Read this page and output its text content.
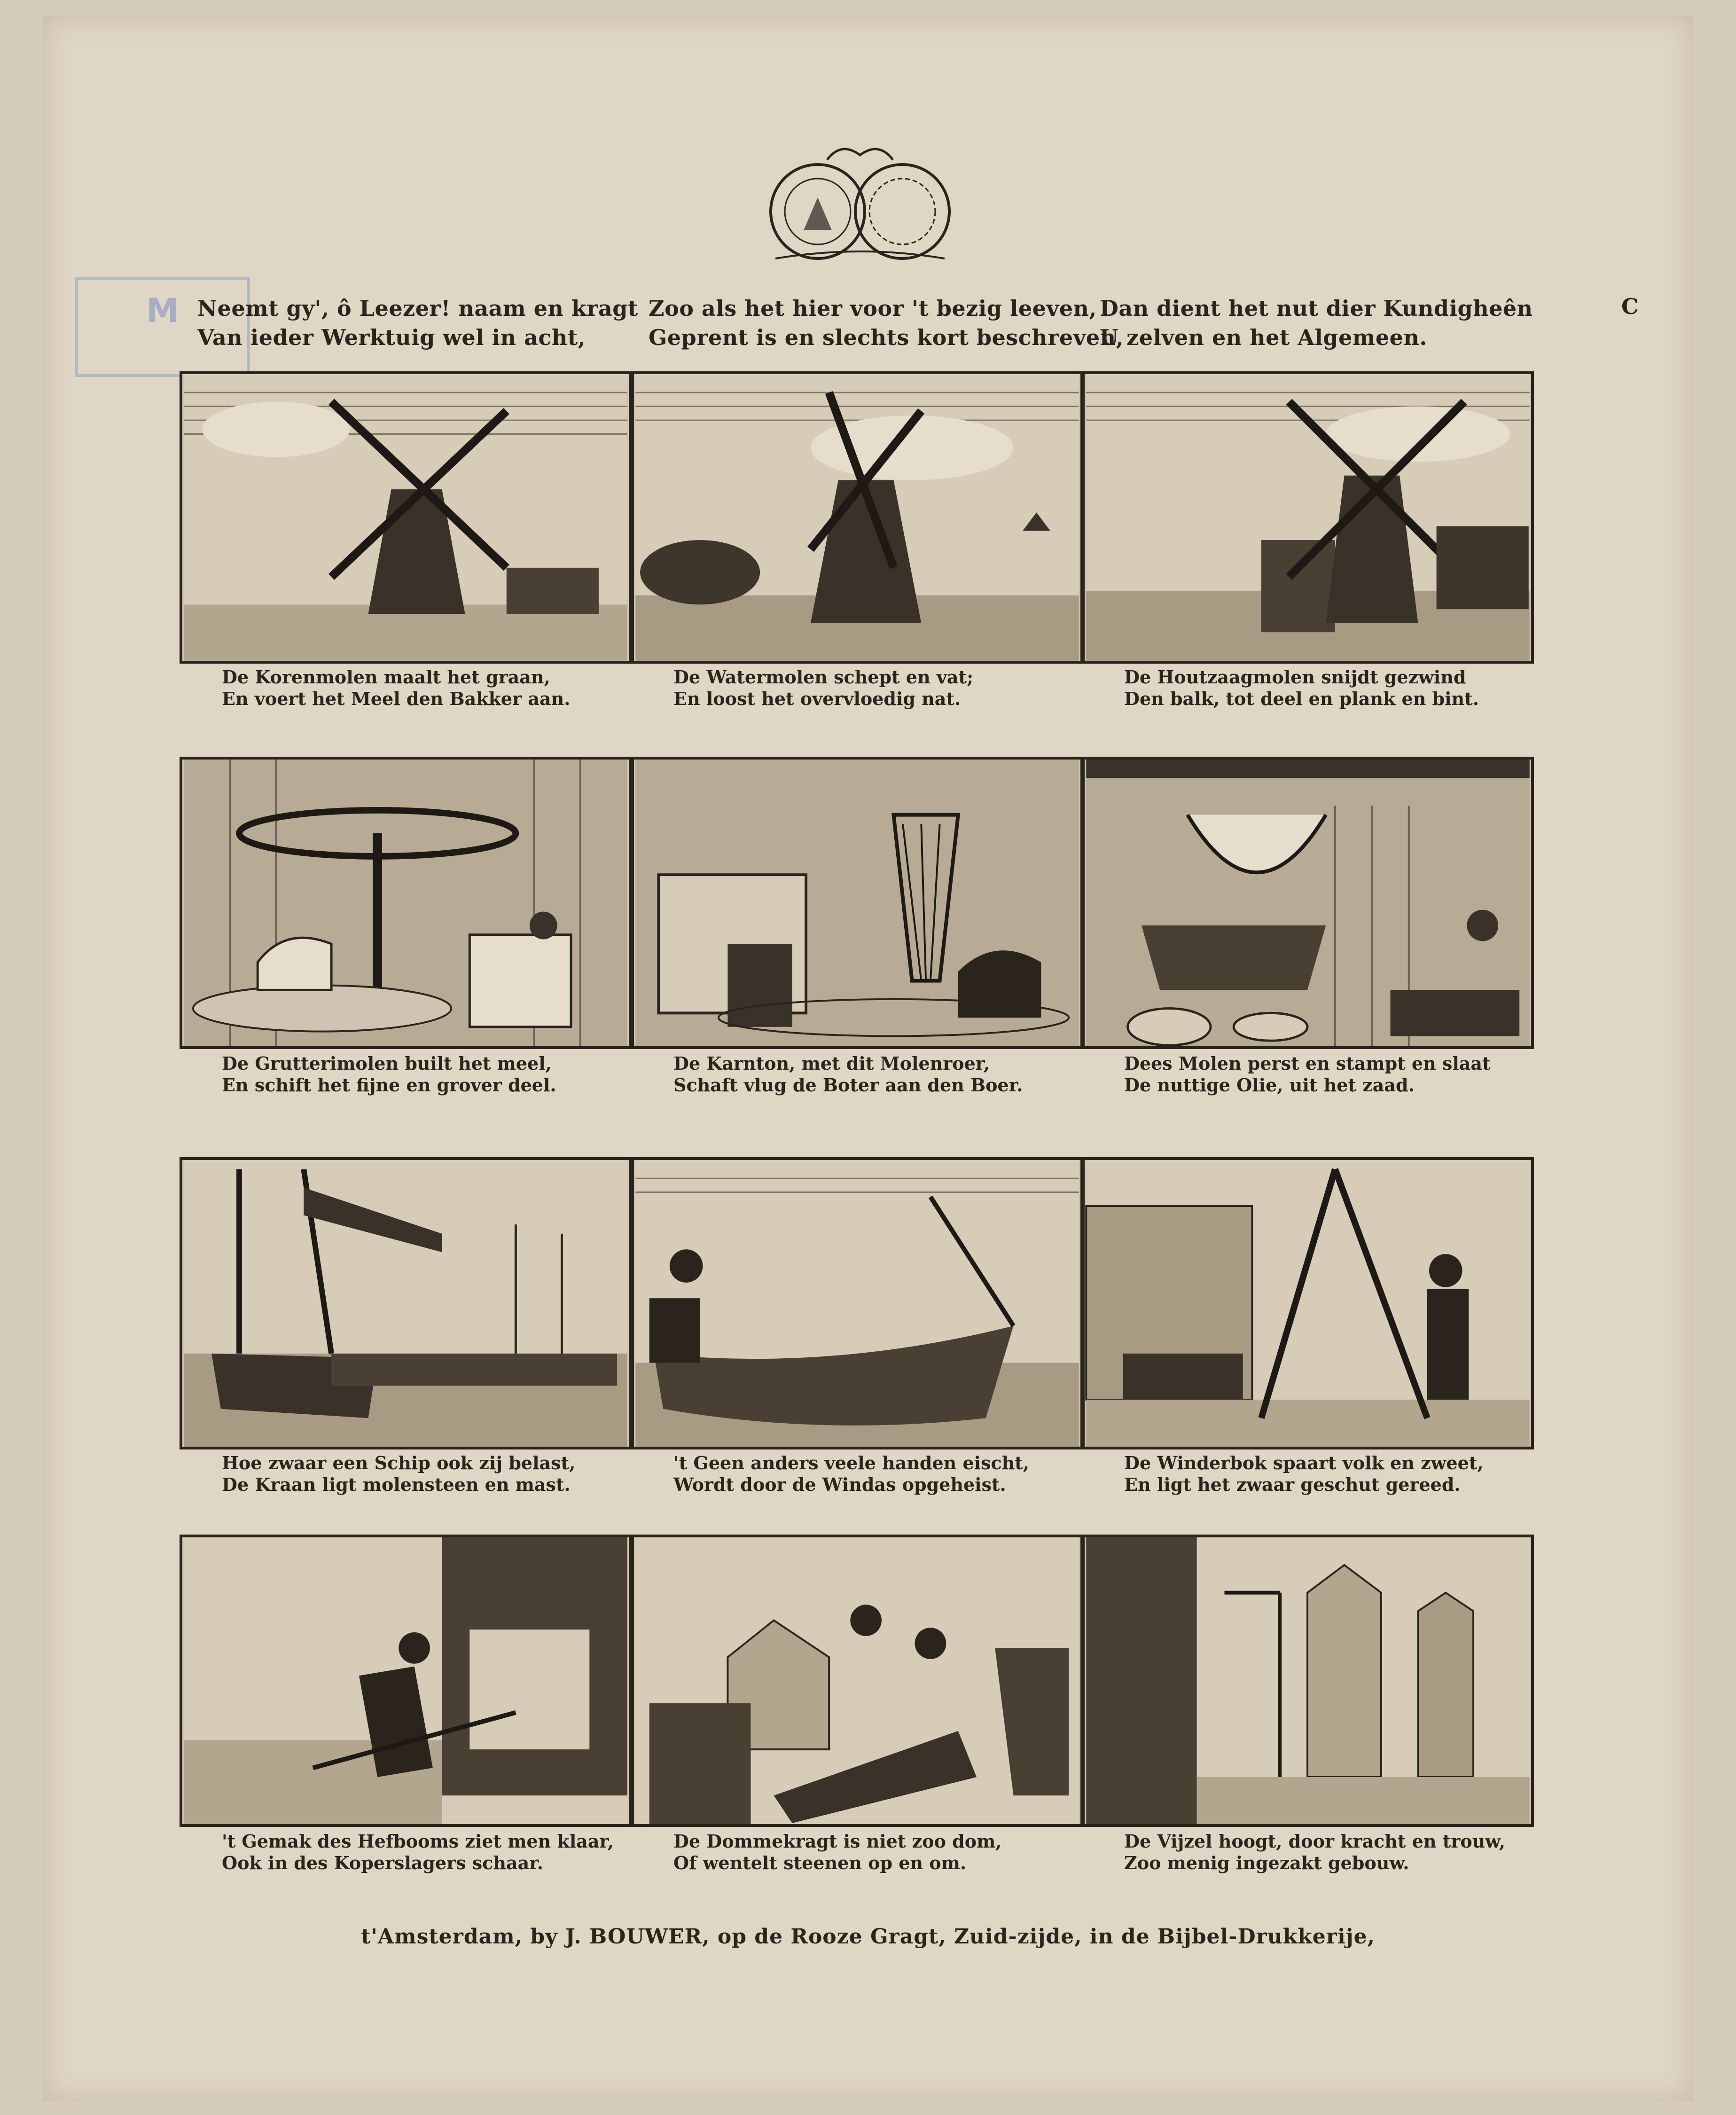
M Neemt gy', ô Leezer! naam en kragt
Van ieder Werktuig wel in acht,
Zoo als het hier voor 't bezig leeven,
Geprent is en slechts kort beschreven,
Dan dient het nut dier Kundigheên
U zelven en het Algemeen.
C
De Korenmolen maalt het graan,
En voert het Meel den Bakker aan.
De Watermolen schept en vat;
En loost het overvloedig nat.
De Houtzaagmolen snijdt gezwind
Den balk, tot deel en plank en bint.
De Grutterimolen built het meel,
En schift het fijne en grover deel.
De Karnton, met dit Molenroer,
Schaft vlug de Boter aan den Boer.
Dees Molen perst en stampt en slaat
De nuttige Olie, uit het zaad.
Hoe zwaar een Schip ook zij belast,
De Kraan ligt molensteen en mast.
't Geen anders veele handen eischt,
Wordt door de Windas opgeheist.
De Winderbok spaart volk en zweet,
En ligt het zwaar geschut gereed.
't Gemak des Hefbooms ziet men klaar,
Ook in des Koperslagers schaar.
De Dommekragt is niet zoo dom,
Of wentelt steenen op en om.
De Vijzel hoogt, door kracht en trouw,
Zoo menig ingezakt gebouw.
t'Amsterdam, by J. BOUWER, op de Rooze Gragt, Zuid-zijde, in de Bijbel-Drukkerije,
